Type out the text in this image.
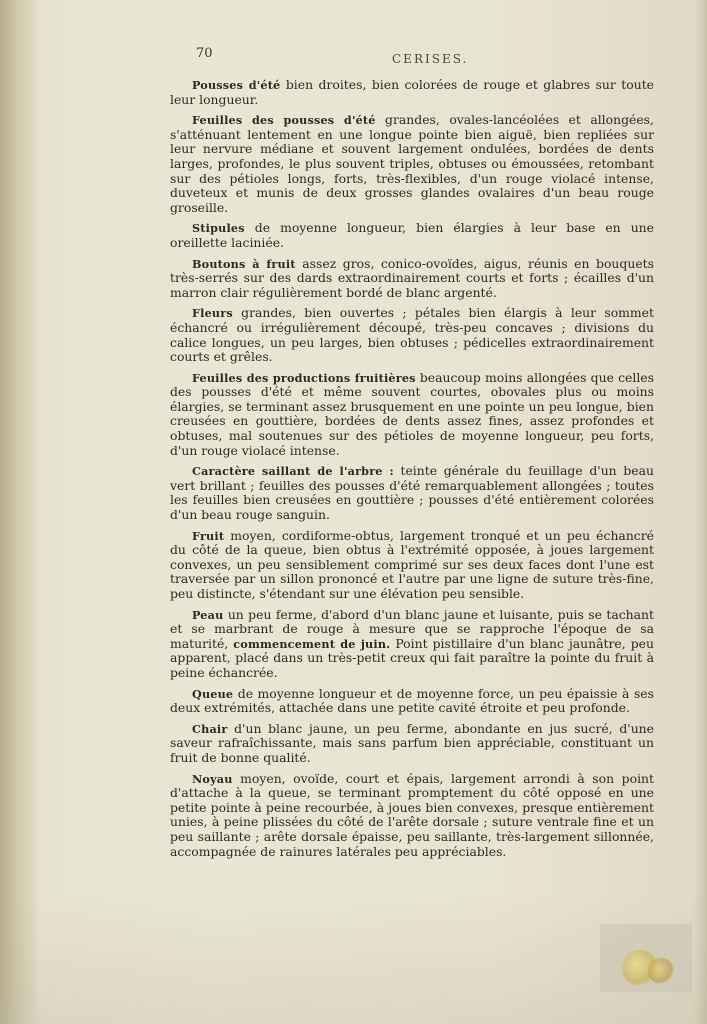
70	CERISES.

Pousses d'été bien droites, bien colorées de rouge et glabres sur toute leur longueur.

Feuilles des pousses d'été grandes, ovales-lancéolées et allongées, s'atténuant lentement en une longue pointe bien aiguë, bien repliées sur leur nervure médiane et souvent largement ondulées, bordées de dents larges, profondes, le plus souvent triples, obtuses ou émoussées, retombant sur des pétioles longs, forts, très-flexibles, d'un rouge violacé intense, duveteux et munis de deux grosses glandes ovalaires d'un beau rouge groseille.

Stipules de moyenne longueur, bien élargies à leur base en une oreillette laciniée.

Boutons à fruit assez gros, conico-ovoïdes, aigus, réunis en bouquets très-serrés sur des dards extraordinairement courts et forts ; écailles d'un marron clair régulièrement bordé de blanc argenté.

Fleurs grandes, bien ouvertes ; pétales bien élargis à leur sommet échancré ou irrégulièrement découpé, très-peu concaves ; divisions du calice longues, un peu larges, bien obtuses ; pédicelles extraordinairement courts et grêles.

Feuilles des productions fruitières beaucoup moins allongées que celles des pousses d'été et même souvent courtes, obovales plus ou moins élargies, se terminant assez brusquement en une pointe un peu longue, bien creusées en gouttière, bordées de dents assez fines, assez profondes et obtuses, mal soutenues sur des pétioles de moyenne longueur, peu forts, d'un rouge violacé intense.

Caractère saillant de l'arbre : teinte générale du feuillage d'un beau vert brillant ; feuilles des pousses d'été remarquablement allongées ; toutes les feuilles bien creusées en gouttière ; pousses d'été entièrement colorées d'un beau rouge sanguin.

Fruit moyen, cordiforme-obtus, largement tronqué et un peu échancré du côté de la queue, bien obtus à l'extrémité opposée, à joues largement convexes, un peu sensiblement comprimé sur ses deux faces dont l'une est traversée par un sillon prononcé et l'autre par une ligne de suture très-fine, peu distincte, s'étendant sur une élévation peu sensible.

Peau un peu ferme, d'abord d'un blanc jaune et luisante, puis se tachant et se marbrant de rouge à mesure que se rapproche l'époque de sa maturité, commencement de juin. Point pistillaire d'un blanc jaunâtre, peu apparent, placé dans un très-petit creux qui fait paraître la pointe du fruit à peine échancrée.

Queue de moyenne longueur et de moyenne force, un peu épaissie à ses deux extrémités, attachée dans une petite cavité étroite et peu profonde.

Chair d'un blanc jaune, un peu ferme, abondante en jus sucré, d'une saveur rafraîchissante, mais sans parfum bien appréciable, constituant un fruit de bonne qualité.

Noyau moyen, ovoïde, court et épais, largement arrondi à son point d'attache à la queue, se terminant promptement du côté opposé en une petite pointe à peine recourbée, à joues bien convexes, presque entièrement unies, à peine plissées du côté de l'arête dorsale ; suture ventrale fine et un peu saillante ; arête dorsale épaisse, peu saillante, très-largement sillonnée, accompagnée de rainures latérales peu appréciables.
